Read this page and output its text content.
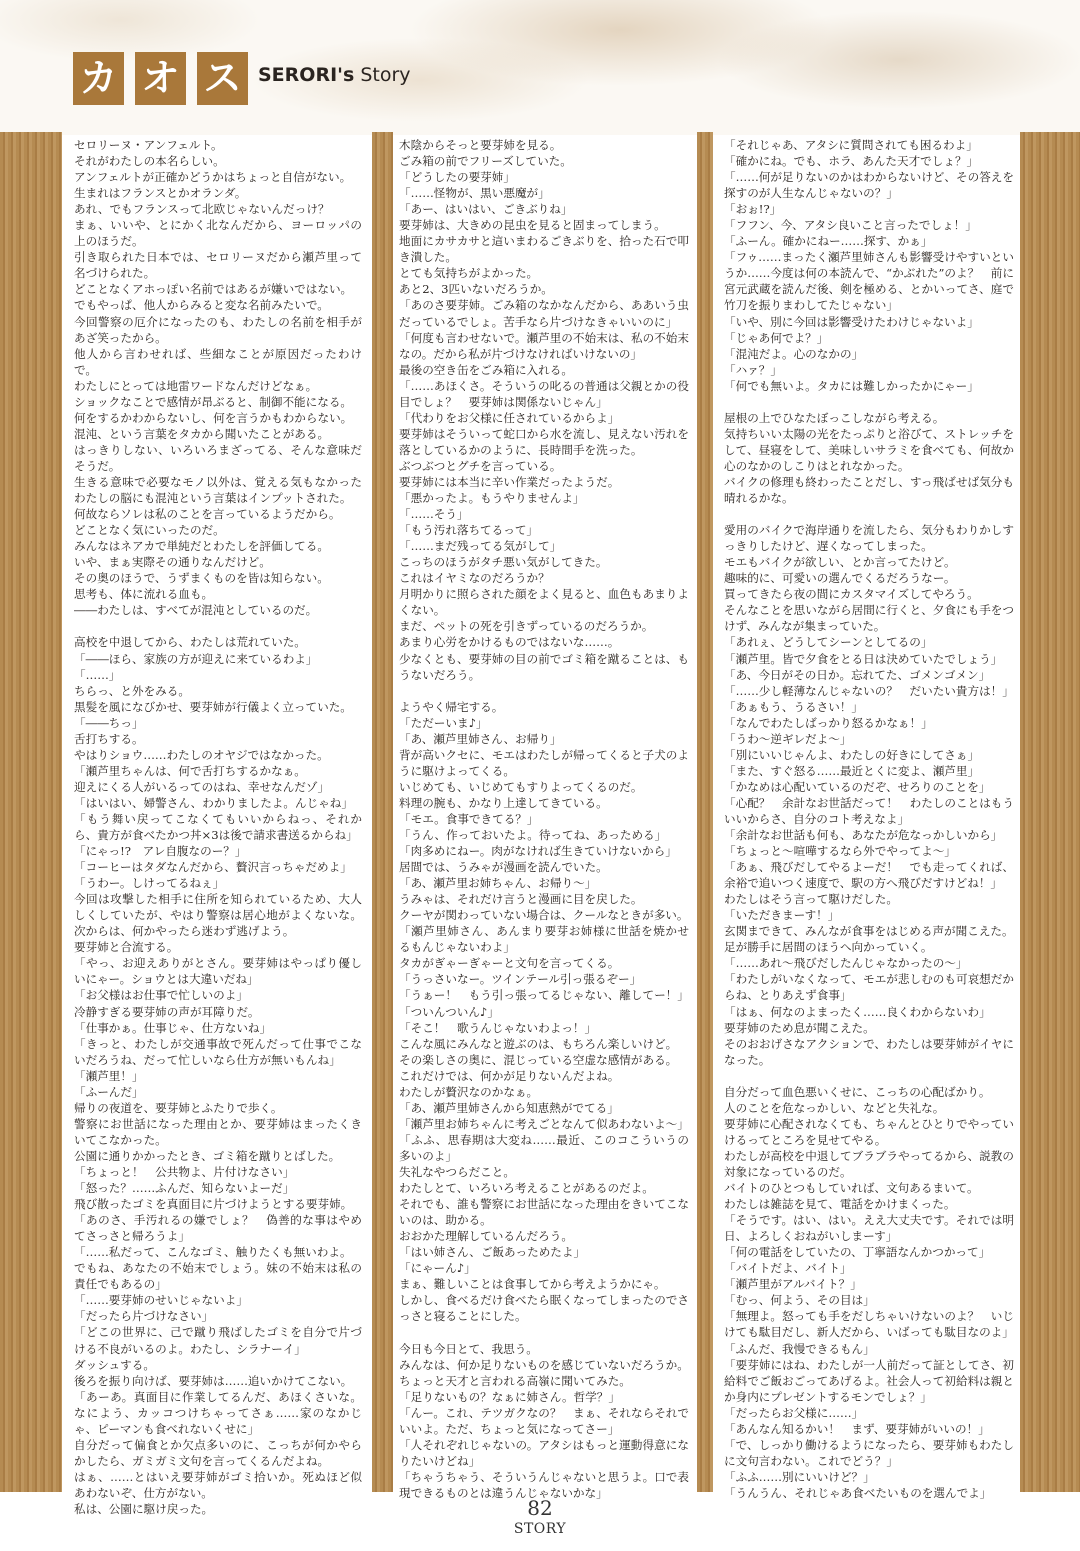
カ オ ス SERORI's Story

セロリーヌ・アンフェルト。

それがわたしの本名らしい。

アンフェルトが正確かどうかはちょっと自信がない。

生まれはフランスとかオランダ。

あれ、でもフランスって北欧じゃないんだっけ？

まぁ、いいや、とにかく北なんだから、ヨーロッパの上のほうだ。

引き取られた日本では、セロリーヌだから瀬芦里って名づけられた。

どことなくアホっぽい名前ではあるが嫌いではない。

でもやっぱ、他人からみると変な名前みたいで。

今回警察の厄介になったのも、わたしの名前を相手があざ笑ったから。

他人から言わせれば、些細なことが原因だったわけで。

わたしにとっては地雷ワードなんだけどなぁ。

ショックなことで感情が昂ぶると、制御不能になる。

何をするかわからないし、何を言うかもわからない。

混沌、という言葉をタカから聞いたことがある。

はっきりしない、いろいろまざってる、そんな意味だそうだ。

生きる意味で必要なモノ以外は、覚える気もなかったわたしの脳にも混沌という言葉はインプットされた。

何故ならソレは私のことを言っているようだから。

どことなく気にいったのだ。

みんなはネアカで単純だとわたしを評価してる。

いや、まぁ実際その通りなんだけど。

その奥のほうで、うずまくものを皆は知らない。

思考も、体に流れる血も。

――わたしは、すべてが混沌としているのだ。

高校を中退してから、わたしは荒れていた。

「――ほら、家族の方が迎えに来ているわよ」

「……」

ちらっ、と外をみる。

黒髪を風になびかせ、要芽姉が行儀よく立っていた。

「――ちっ」

舌打ちする。

やはりショウ……わたしのオヤジではなかった。

「瀬芦里ちゃんは、何で舌打ちするかなぁ。

迎えにくる人がいるってのはね、幸せなんだゾ」

「はいはい、婦警さん、わかりましたよ。んじゃね」

「もう舞い戻ってこなくてもいいからねっ、それから、貴方が食べたかつ丼×3は後で請求書送るからね」

「にゃっ!?　アレ自腹なのー？」

「コーヒーはタダなんだから、贅沢言っちゃだめよ」

「うわー。しけってるねぇ」

今回は攻撃した相手に住所を知られているため、大人しくしていたが、やはり警察は居心地がよくないな。次からは、何かやったら迷わず逃げよう。

要芽姉と合流する。

「やっ、お迎えありがとさん。要芽姉はやっぱり優しいにゃー。ショウとは大違いだね」

「お父様はお仕事で忙しいのよ」

冷静すぎる要芽姉の声が耳障りだ。

「仕事かぁ。仕事じゃ、仕方ないね」

「きっと、わたしが交通事故で死んだって仕事でこないだろうね、だって忙しいなら仕方が無いもんね」

「瀬芦里！」

「ふーんだ」

帰りの夜道を、要芽姉とふたりで歩く。

警察にお世話になった理由とか、要芽姉はまったくきいてこなかった。

公園に通りかかったとき、ゴミ箱を蹴りとばした。

「ちょっと！　公共物よ、片付けなさい」

「怒った？……ふんだ、知らないよーだ」

飛び散ったゴミを真面目に片づけようとする要芽姉。

「あのさ、手汚れるの嫌でしょ？　偽善的な事はやめてさっさと帰ろうよ」

「……私だって、こんなゴミ、触りたくも無いわよ。

でもね、あなたの不始末でしょう。妹の不始末は私の責任でもあるの」

「……要芽姉のせいじゃないよ」

「だったら片づけなさい」

「どこの世界に、己で蹴り飛ばしたゴミを自分で片づける不良がいるのよ。わたし、シラナーイ」

ダッシュする。

後ろを振り向けば、要芽姉は……追いかけてこない。

「あーあ。真面目に作業してるんだ、あほくさいな。なによう、カッコつけちゃってさぁ……家のなかじゃ、ピーマンも食べれないくせに」

自分だって偏食とか欠点多いのに、こっちが何かやらかしたら、ガミガミ文句を言ってくるんだよね。

はぁ、……とはいえ要芽姉がゴミ拾いか。死ぬほど似あわないぞ、仕方がない。

私は、公園に駆け戻った。

木陰からそっと要芽姉を見る。

ごみ箱の前でフリーズしていた。

「どうしたの要芽姉」

「……怪物が、黒い悪魔が」

「あー、はいはい、ごきぶりね」

要芽姉は、大きめの昆虫を見ると固まってしまう。

地面にカサカサと這いまわるごきぶりを、拾った石で叩き潰した。

とても気持ちがよかった。

あと2、3匹いないだろうか。

「あのさ要芽姉。ごみ箱のなかなんだから、ああいう虫だっているでしょ。苦手なら片づけなきゃいいのに」

「何度も言わせないで。瀬芦里の不始末は、私の不始末なの。だから私が片づけなければいけないの」

最後の空き缶をごみ箱に入れる。

「……あほくさ。そういうの叱るの普通は父親とかの役目でしょ？　要芽姉は関係ないじゃん」

「代わりをお父様に任されているからよ」

要芽姉はそういって蛇口から水を流し、見えない汚れを落としているかのように、長時間手を洗った。

ぶつぶつとグチを言っている。

要芽姉には本当に辛い作業だったようだ。

「悪かったよ。もうやりませんよ」

「……そう」

「もう汚れ落ちてるって」

「……まだ残ってる気がして」

こっちのほうがタチ悪い気がしてきた。

これはイヤミなのだろうか？

月明かりに照らされた顔をよく見ると、血色もあまりよくない。

まだ、ペットの死を引きずっているのだろうか。

あまり心労をかけるものではないな……。

少なくとも、要芽姉の目の前でゴミ箱を蹴ることは、もうないだろう。

ようやく帰宅する。

「ただーいま♪」

「あ、瀬芦里姉さん、お帰り」

背が高いクセに、モエはわたしが帰ってくると子犬のように駆けよってくる。

いじめても、いじめてもすりよってくるのだ。

料理の腕も、かなり上達してきている。

「モエ。食事できてる？」

「うん、作っておいたよ。待ってね、あっためる」

「肉多めにねー。肉がなければ生きていけないから」

居間では、うみゃが漫画を読んでいた。

「あ、瀬芦里お姉ちゃん、お帰り～」

うみゃは、それだけ言うと漫画に目を戻した。

クーヤが関わっていない場合は、クールなときが多い。

「瀬芦里姉さん、あんまり要芽お姉様に世話を焼かせるもんじゃないわよ」

タカがぎゃーぎゃーと文句を言ってくる。

「うっさいなー。ツインテール引っ張るぞー」

「うぁー！　もう引っ張ってるじゃない、離してー！」

「ついんついん♪」

「そこ！　歌うんじゃないわよっ！」

こんな風にみんなと遊ぶのは、もちろん楽しいけど。

その楽しさの奥に、混じっている空虚な感情がある。

これだけでは、何かが足りないんだよね。

わたしが贅沢なのかなぁ。

「あ、瀬芦里姉さんから知恵熱がでてる」

「瀬芦里お姉ちゃんに考えごとなんて似あわないよ～」

「ふふ、思春期は大変ね……最近、このコこういうの多いのよ」

失礼なやつらだこと。

わたしとて、いろいろ考えることがあるのだよ。

それでも、誰も警察にお世話になった理由をきいてこないのは、助かる。

おおかた理解しているんだろう。

「はい姉さん、ご飯あっためたよ」

「にゃーん♪」

まぁ、難しいことは食事してから考えようかにゃ。

しかし、食べるだけ食べたら眠くなってしまったのでさっさと寝ることにした。

今日も今日とて、我思う。

みんなは、何か足りないものを感じていないだろうか。

ちょっと天才と言われる高嶺に聞いてみた。

「足りないもの？なぁに姉さん。哲学？」

「んー。これ、テツガクなの？　まぁ、それならそれでいいよ。ただ、ちょっと気になってさー」

「人それぞれじゃないの。アタシはもっと運動得意になりたいけどね」

「ちゃうちゃう、そういうんじゃないと思うよ。口で表現できるものとは違うんじゃないかな」

「それじゃあ、アタシに質問されても困るわよ」

「確かにね。でも、ホラ、あんた天才でしょ？」

「……何が足りないのかはわからないけど、その答えを探すのが人生なんじゃないの？」

「おぉ!?」

「フフン、今、アタシ良いこと言ったでしょ！」

「ふーん。確かにねー……探す、かぁ」

「フゥ……まったく瀬芦里姉さんも影響受けやすいというか……今度は何の本読んで、“かぶれた”のよ？　前に宮元武蔵を読んだ後、剣を極める、とかいってさ、庭で竹刀を振りまわしてたじゃない」

「いや、別に今回は影響受けたわけじゃないよ」

「じゃあ何でよ？」

「混沌だよ。心のなかの」

「ハァ？」

「何でも無いよ。タカには難しかったかにゃー」

屋根の上でひなたぼっこしながら考える。

気持ちいい太陽の光をたっぷりと浴びて、ストレッチをして、昼寝をして、美味しいサラミを食べても、何故か心のなかのしこりはとれなかった。

バイクの修理も終わったことだし、すっ飛ばせば気分も晴れるかな。

愛用のバイクで海岸通りを流したら、気分もわりかしすっきりしたけど、遅くなってしまった。

モエもバイクが欲しい、とか言ってたけど。

趣味的に、可愛いの選んでくるだろうなー。

買ってきたら夜の間にカスタマイズしてやろう。

そんなことを思いながら居間に行くと、夕食にも手をつけず、みんなが集まっていた。

「あれぇ、どうしてシーンとしてるの」

「瀬芦里。皆で夕食をとる日は決めていたでしょう」

「あ、今日がその日か。忘れてた、ゴメンゴメン」

「……少し軽薄なんじゃないの？　だいたい貴方は！」

「あぁもう、うるさい！」

「なんでわたしばっかり怒るかなぁ！」

「うわ～逆ギレだよ～」

「別にいいじゃんよ、わたしの好きにしてさぁ」

「また、すぐ怒る……最近とくに変よ、瀬芦里」

「かなめは心配いているのだぞ、せろりのことを」

「心配？　余計なお世話だって！　わたしのことはもういいからさ、自分のコト考えなよ」

「余計なお世話も何も、あなたが危なっかしいから」

「ちょっと～喧嘩するなら外でやってよ～」

「あぁ、飛びだしてやるよーだ！　でも走ってくれば、余裕で追いつく速度で、駅の方へ飛びだすけどね！」

わたしはそう言って駆けだした。

「いただきまーす！」

玄関まできて、みんなが食事をはじめる声が聞こえた。

足が勝手に居間のほうへ向かっていく。

「……あれ～飛びだしたんじゃなかったの～」

「わたしがいなくなって、モエが悲しむのも可哀想だからね、とりあえず食事」

「はぁ、何なのよまったく……良くわからないわ」

要芽姉のため息が聞こえた。

そのおおげさなアクションで、わたしは要芽姉がイヤになった。

自分だって血色悪いくせに、こっちの心配ばかり。

人のことを危なっかしい、などと失礼な。

要芽姉に心配されなくても、ちゃんとひとりでやっていけるってところを見せてやる。

わたしが高校を中退してブラブラやってるから、説教の対象になっているのだ。

バイトのひとつもしていれば、文句あるまいて。

わたしは雑誌を見て、電話をかけまくった。

「そうです。はい、はい。ええ大丈夫です。それでは明日、よろしくおねがいしまーす」

「何の電話をしていたの、丁寧語なんかつかって」

「バイトだよ、バイト」

「瀬芦里がアルバイト？」

「むっ、何よう、その目は」

「無理よ。怒っても手をだしちゃいけないのよ？　いじけても駄目だし、新人だから、いばっても駄目なのよ」

「ふんだ、我慢できるもん」

「要芽姉にはね、わたしが一人前だって証としてさ、初給料でご飯おごってあげるよ。社会人って初給料は親とか身内にプレゼントするモンでしょ？」

「だったらお父様に……」

「あんなん知るかい！　まず、要芽姉がいいの！」

「で、しっかり働けるようになったら、要芽姉もわたしに文句言わない。これでどう？」

「ふふ……別にいいけど？」

「うんうん、それじゃあ食べたいものを選んでよ」

82
STORY
